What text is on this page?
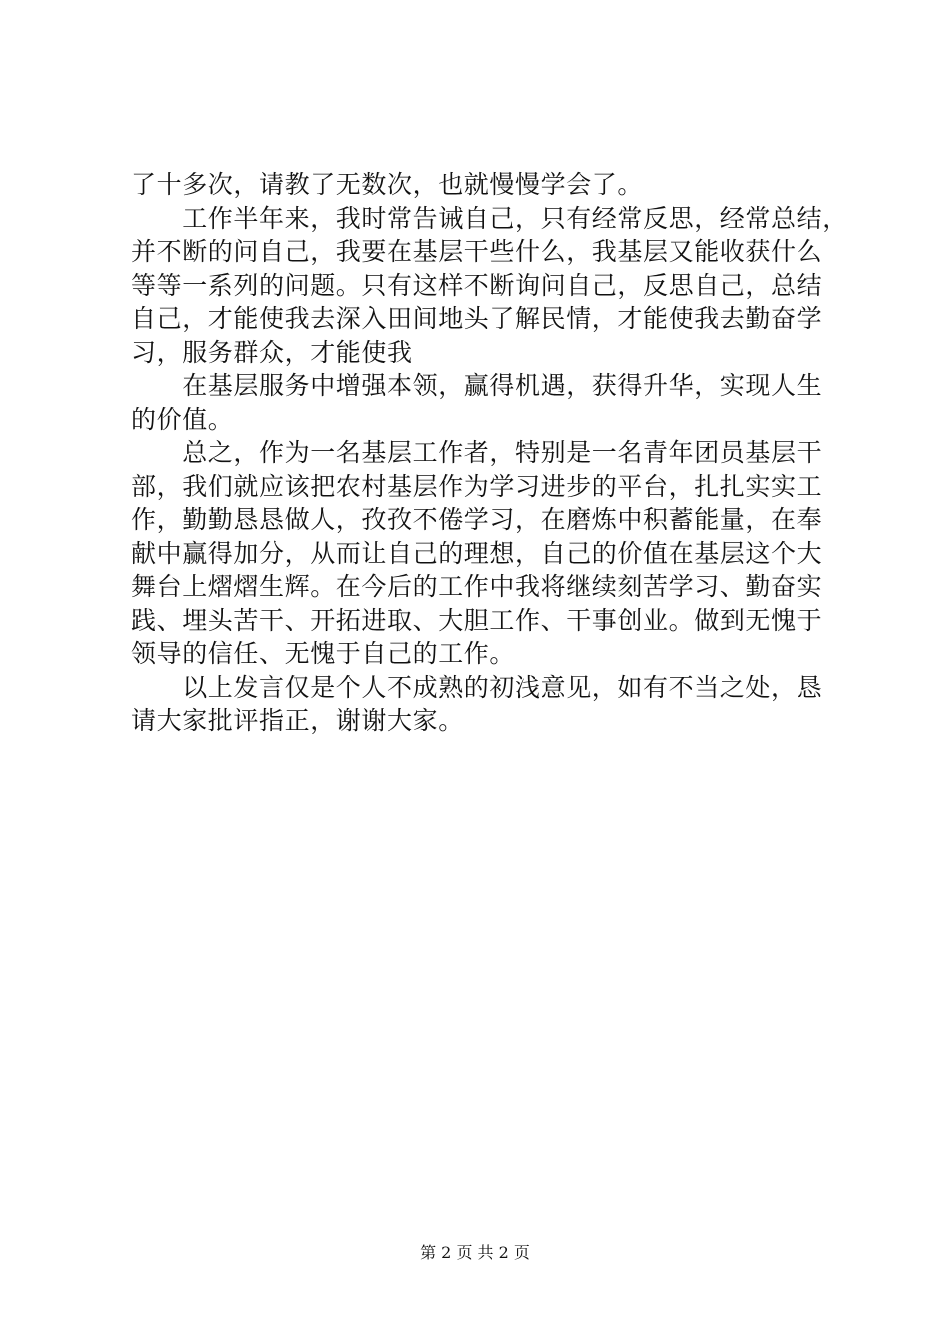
了十多次，请教了无数次，也就慢慢学会了。
　　工作半年来，我时常告诫自己，只有经常反思，经常总结，
并不断的问自己，我要在基层干些什么，我基层又能收获什么
等等一系列的问题。只有这样不断询问自己，反思自己，总结
自己，才能使我去深入田间地头了解民情，才能使我去勤奋学
习，服务群众，才能使我
　　在基层服务中增强本领，赢得机遇，获得升华，实现人生
的价值。
　　总之，作为一名基层工作者，特别是一名青年团员基层干
部，我们就应该把农村基层作为学习进步的平台，扎扎实实工
作，勤勤恳恳做人，孜孜不倦学习，在磨炼中积蓄能量，在奉
献中赢得加分，从而让自己的理想，自己的价值在基层这个大
舞台上熠熠生辉。在今后的工作中我将继续刻苦学习、勤奋实
践、埋头苦干、开拓进取、大胆工作、干事创业。做到无愧于
领导的信任、无愧于自己的工作。
　　以上发言仅是个人不成熟的初浅意见，如有不当之处，恳
请大家批评指正，谢谢大家。
第 2 页 共 2 页
